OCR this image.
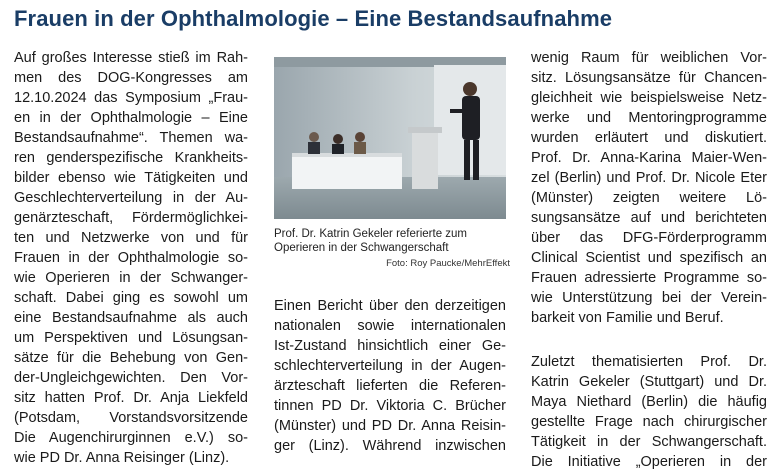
Frauen in der Ophthalmologie – Eine Bestandsaufnahme
Auf großes Interesse stieß im Rah-
men des DOG-Kongresses am
12.10.2024 das Symposium „Frau-
en in der Ophthalmologie – Eine
Bestandsaufnahme“. Themen wa-
ren genderspezifische Krankheits-
bilder ebenso wie Tätigkeiten und
Geschlechterverteilung in der Au-
genärzteschaft, Fördermöglichkei-
ten und Netzwerke von und für
Frauen in der Ophthalmologie so-
wie Operieren in der Schwanger-
schaft. Dabei ging es sowohl um
eine Bestandsaufnahme als auch
um Perspektiven und Lösungsan-
sätze für die Behebung von Gen-
der-Ungleichgewichten. Den Vor-
sitz hatten Prof. Dr. Anja Liekfeld
(Potsdam, Vorstandsvorsitzende
Die Augenchirurginnen e.V.) so-
wie PD Dr. Anna Reisinger (Linz).

Prof. Dr. Katrin Gekeler referierte zum
Operieren in der Schwangerschaft

Foto: Roy Paucke/MehrEffekt

Einen Bericht über den derzeitigen
nationalen sowie internationalen
Ist-Zustand hinsichtlich einer Ge-
schlechterverteilung in der Augen-
ärzteschaft lieferten die Referen-
tinnen PD Dr. Viktoria C. Brücher
(Münster) und PD Dr. Anna Reisin-
ger (Linz). Während inzwischen
wenig Raum für weiblichen Vor-
sitz. Lösungsansätze für Chancen-
gleichheit wie beispielsweise Netz-
werke und Mentoringprogramme
wurden erläutert und diskutiert.
Prof. Dr. Anna-Karina Maier-Wen-
zel (Berlin) und Prof. Dr. Nicole Eter
(Münster) zeigten weitere Lö-
sungsansätze auf und berichteten
über das DFG-Förderprogramm
Clinical Scientist und spezifisch an
Frauen adressierte Programme so-
wie Unterstützung bei der Verein-
barkeit von Familie und Beruf.
Zuletzt thematisierten Prof. Dr.
Katrin Gekeler (Stuttgart) und Dr.
Maya Niethard (Berlin) die häufig
gestellte Frage nach chirurgischer
Tätigkeit in der Schwangerschaft.
Die Initiative „Operieren in der
